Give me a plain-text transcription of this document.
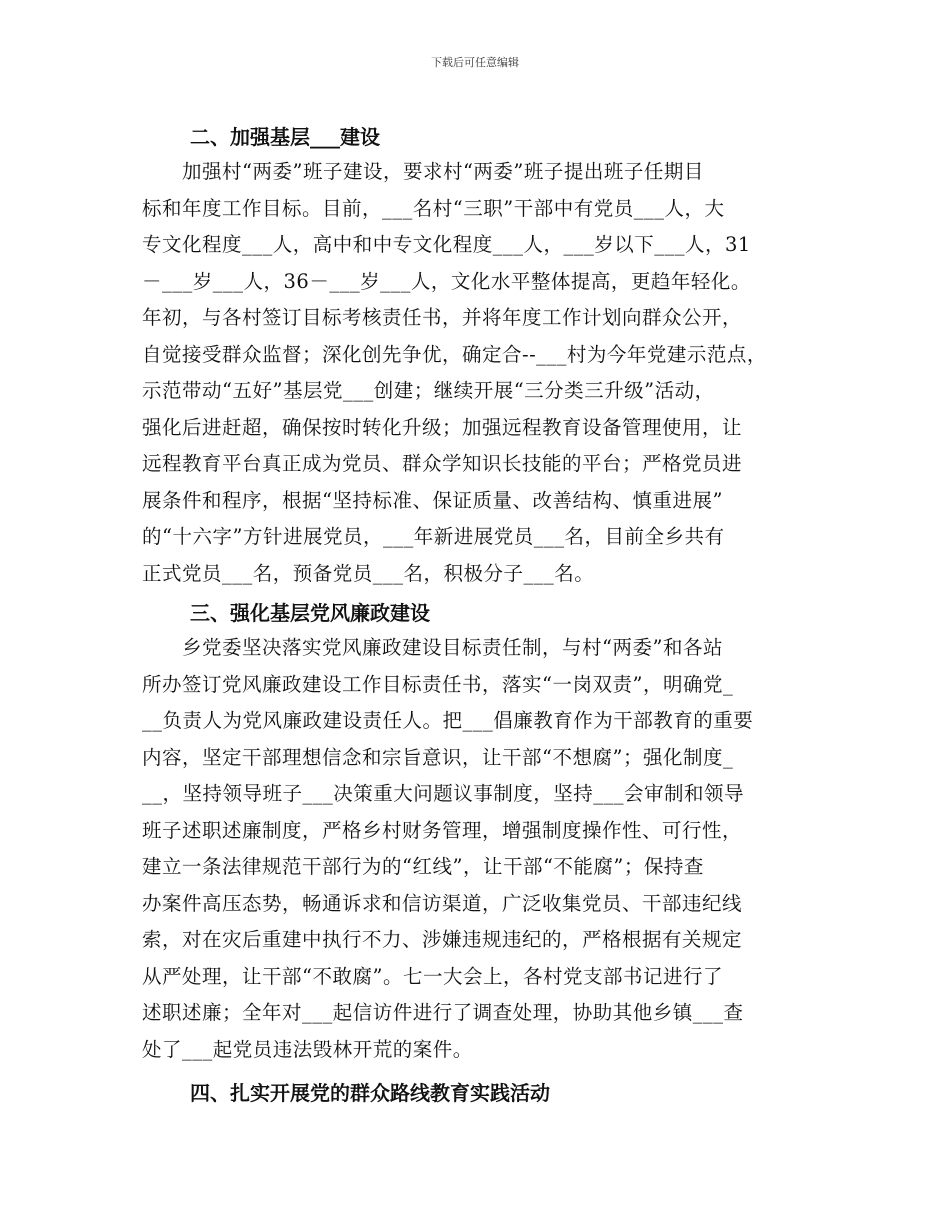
下载后可任意编辑
二、加强基层___建设

　　加强村“两委”班子建设，要求村“两委”班子提出班子任期目
标和年度工作目标。目前，___名村“三职”干部中有党员___人，大
专文化程度___人，高中和中专文化程度___人，___岁以下___人，31
－___岁___人，36－___岁___人，文化水平整体提高，更趋年轻化。
年初，与各村签订目标考核责任书，并将年度工作计划向群众公开，
自觉接受群众监督；深化创先争优，确定合--___村为今年党建示范点，
示范带动“五好”基层党___创建；继续开展“三分类三升级”活动，
强化后进赶超，确保按时转化升级；加强远程教育设备管理使用，让
远程教育平台真正成为党员、群众学知识长技能的平台；严格党员进
展条件和程序，根据“坚持标准、保证质量、改善结构、慎重进展”
的“十六字”方针进展党员，___年新进展党员___名，目前全乡共有
正式党员___名，预备党员___名，积极分子___名。

三、强化基层党风廉政建设

　　乡党委坚决落实党风廉政建设目标责任制，与村“两委”和各站
所办签订党风廉政建设工作目标责任书，落实“一岗双责”，明确党_
__负责人为党风廉政建设责任人。把___倡廉教育作为干部教育的重要
内容，坚定干部理想信念和宗旨意识，让干部“不想腐”；强化制度_
__，坚持领导班子___决策重大问题议事制度，坚持___会审制和领导
班子述职述廉制度，严格乡村财务管理，增强制度操作性、可行性，
建立一条法律规范干部行为的“红线”，让干部“不能腐”；保持查
办案件高压态势，畅通诉求和信访渠道，广泛收集党员、干部违纪线
索，对在灾后重建中执行不力、涉嫌违规违纪的，严格根据有关规定
从严处理，让干部“不敢腐”。七一大会上，各村党支部书记进行了
述职述廉；全年对___起信访件进行了调查处理，协助其他乡镇___查
处了___起党员违法毁林开荒的案件。

四、扎实开展党的群众路线教育实践活动
